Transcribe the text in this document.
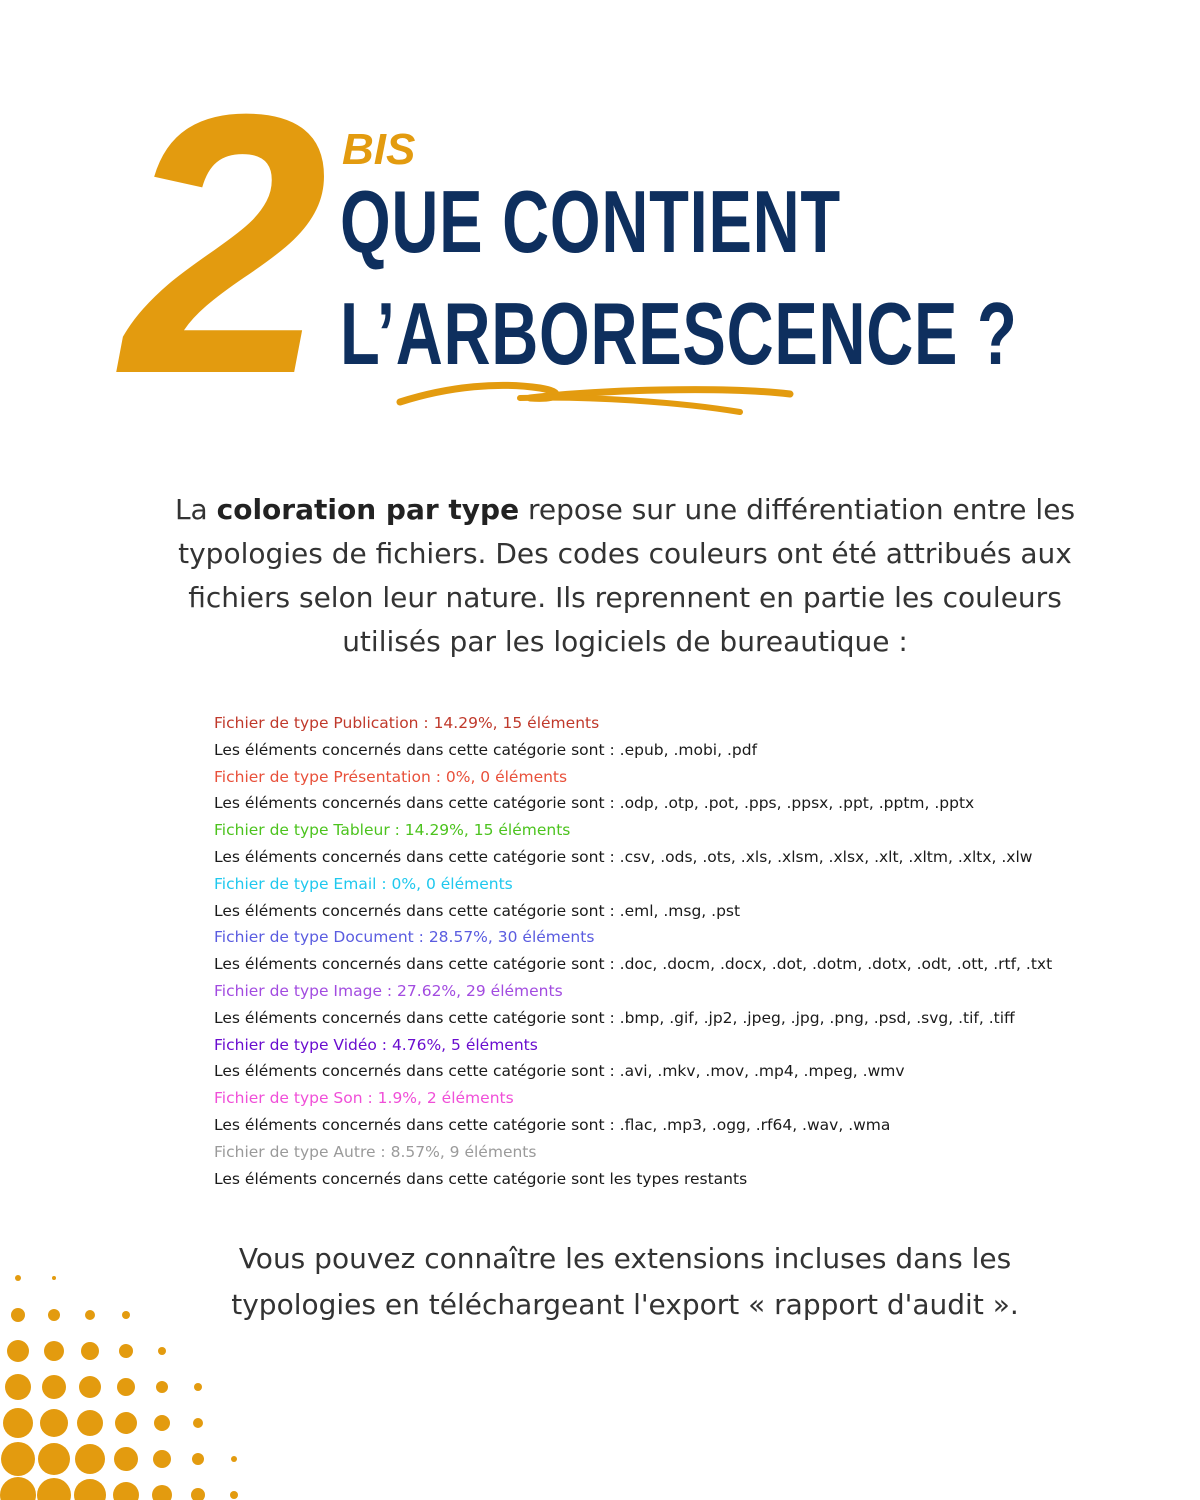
2 BIS
QUE CONTIENT
L’ARBORESCENCE ?
La coloration par type repose sur une différentiation entre les typologies de fichiers. Des codes couleurs ont été attribués aux fichiers selon leur nature. Ils reprennent en partie les couleurs utilisés par les logiciels de bureautique :
Fichier de type Publication : 14.29%, 15 éléments
Les éléments concernés dans cette catégorie sont : .epub, .mobi, .pdf
Fichier de type Présentation : 0%, 0 éléments
Les éléments concernés dans cette catégorie sont : .odp, .otp, .pot, .pps, .ppsx, .ppt, .pptm, .pptx
Fichier de type Tableur : 14.29%, 15 éléments
Les éléments concernés dans cette catégorie sont : .csv, .ods, .ots, .xls, .xlsm, .xlsx, .xlt, .xltm, .xltx, .xlw
Fichier de type Email : 0%, 0 éléments
Les éléments concernés dans cette catégorie sont : .eml, .msg, .pst
Fichier de type Document : 28.57%, 30 éléments
Les éléments concernés dans cette catégorie sont : .doc, .docm, .docx, .dot, .dotm, .dotx, .odt, .ott, .rtf, .txt
Fichier de type Image : 27.62%, 29 éléments
Les éléments concernés dans cette catégorie sont : .bmp, .gif, .jp2, .jpeg, .jpg, .png, .psd, .svg, .tif, .tiff
Fichier de type Vidéo : 4.76%, 5 éléments
Les éléments concernés dans cette catégorie sont : .avi, .mkv, .mov, .mp4, .mpeg, .wmv
Fichier de type Son : 1.9%, 2 éléments
Les éléments concernés dans cette catégorie sont : .flac, .mp3, .ogg, .rf64, .wav, .wma
Fichier de type Autre : 8.57%, 9 éléments
Les éléments concernés dans cette catégorie sont les types restants
Vous pouvez connaître les extensions incluses dans les typologies en téléchargeant l'export « rapport d'audit ».
